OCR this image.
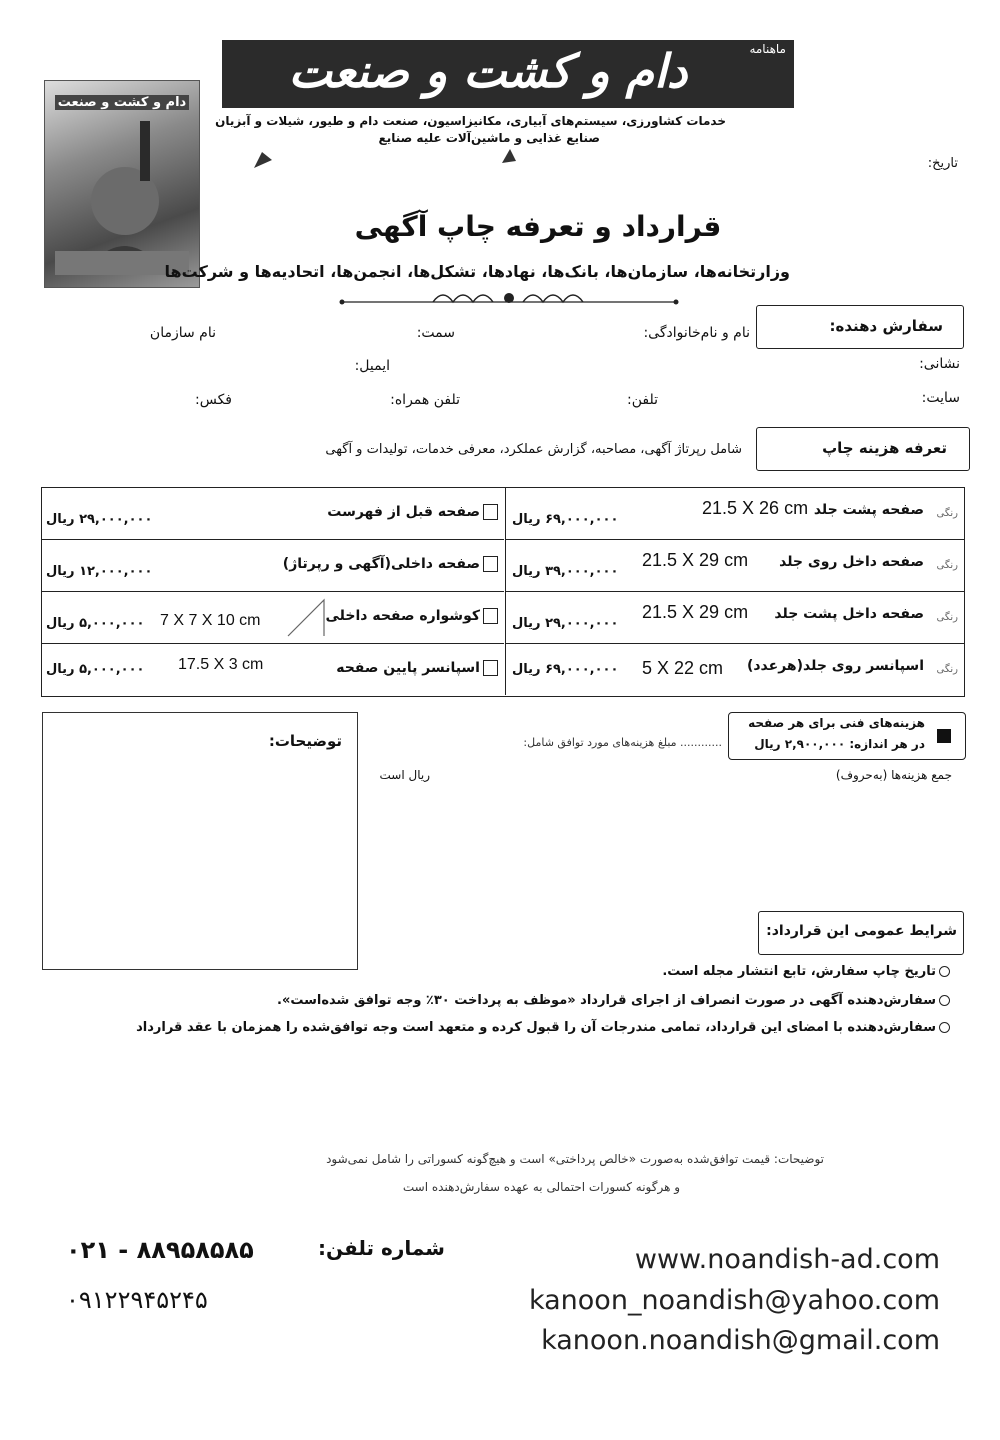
ماهنامه
دام و کشت و صنعت
خدمات کشاورزی، سیستم‌های آبیاری، مکانیزاسیون، صنعت دام و طیور، شیلات و آبزیان
صنایع غذایی و ماشین‌آلات علیه صنایع
دام و کشت و صنعت
تاریخ:
قرارداد و تعرفه چاپ آگهی
وزارتخانه‌ها، سازمان‌ها، بانک‌ها، نهادها، تشکل‌ها، انجمن‌ها، اتحادیه‌ها و شرکت‌ها
سفارش دهنده:
نام و نام‌خانوادگی:
سمت:
نام سازمان
نشانی:
ایمیل:
سایت:
تلفن:
تلفن همراه:
فکس:
تعرفه هزینه چاپ
شامل رپرتاژ آگهی، مصاحبه، گزارش عملکرد، معرفی خدمات، تولیدات و آگهی
رنگی
صفحه پشت جلد
21.5 X 26 cm
۶۹,۰۰۰,۰۰۰ ریال
رنگی
صفحه داخل روی جلد
21.5 X 29 cm
۳۹,۰۰۰,۰۰۰ ریال
رنگی
صفحه داخل پشت جلد
21.5 X 29 cm
۲۹,۰۰۰,۰۰۰ ریال
رنگی
اسپانسر روی جلد(هرعدد)
5 X 22 cm
۶۹,۰۰۰,۰۰۰ ریال
صفحه قبل از فهرست
۲۹,۰۰۰,۰۰۰ ریال
صفحه داخلی(آگهی و رپرتاژ)
۱۲,۰۰۰,۰۰۰ ریال
کوشواره صفحه داخلی
7 X 7 X 10 cm
۵,۰۰۰,۰۰۰ ریال
اسپانسر پایین صفحه
17.5 X 3 cm
۵,۰۰۰,۰۰۰ ریال
توضیحات:
هزینه‌های فنی برای هر صفحه
در هر اندازه: ۲,۹۰۰,۰۰۰ ریال
............ مبلغ هزینه‌های مورد توافق شامل:
ریال است	جمع هزینه‌ها (به‌حروف)
شرایط عمومی این قرارداد:
تاریخ چاپ سفارش، تابع انتشار مجله است.
سفارش‌دهنده آگهی در صورت انصراف از اجرای قرارداد «موظف به پرداخت ۳۰٪ وجه توافق شده‌است».
سفارش‌دهنده با امضای این قرارداد، تمامی مندرجات آن را قبول کرده و متعهد است وجه توافق‌شده را همزمان با عقد قرارداد
توضیحات: قیمت توافق‌شده به‌صورت «خالص پرداختی» است و هیچ‌گونه کسوراتی را شامل نمی‌شود
و هرگونه کسورات احتمالی به عهده سفارش‌دهنده است
شماره تلفن:
۰۲۱ - ۸۸۹۵۸۵۸۵
۰۹۱۲۲۹۴۵۲۴۵
www.noandish-ad.com
kanoon_noandish@yahoo.com
kanoon.noandish@gmail.com
